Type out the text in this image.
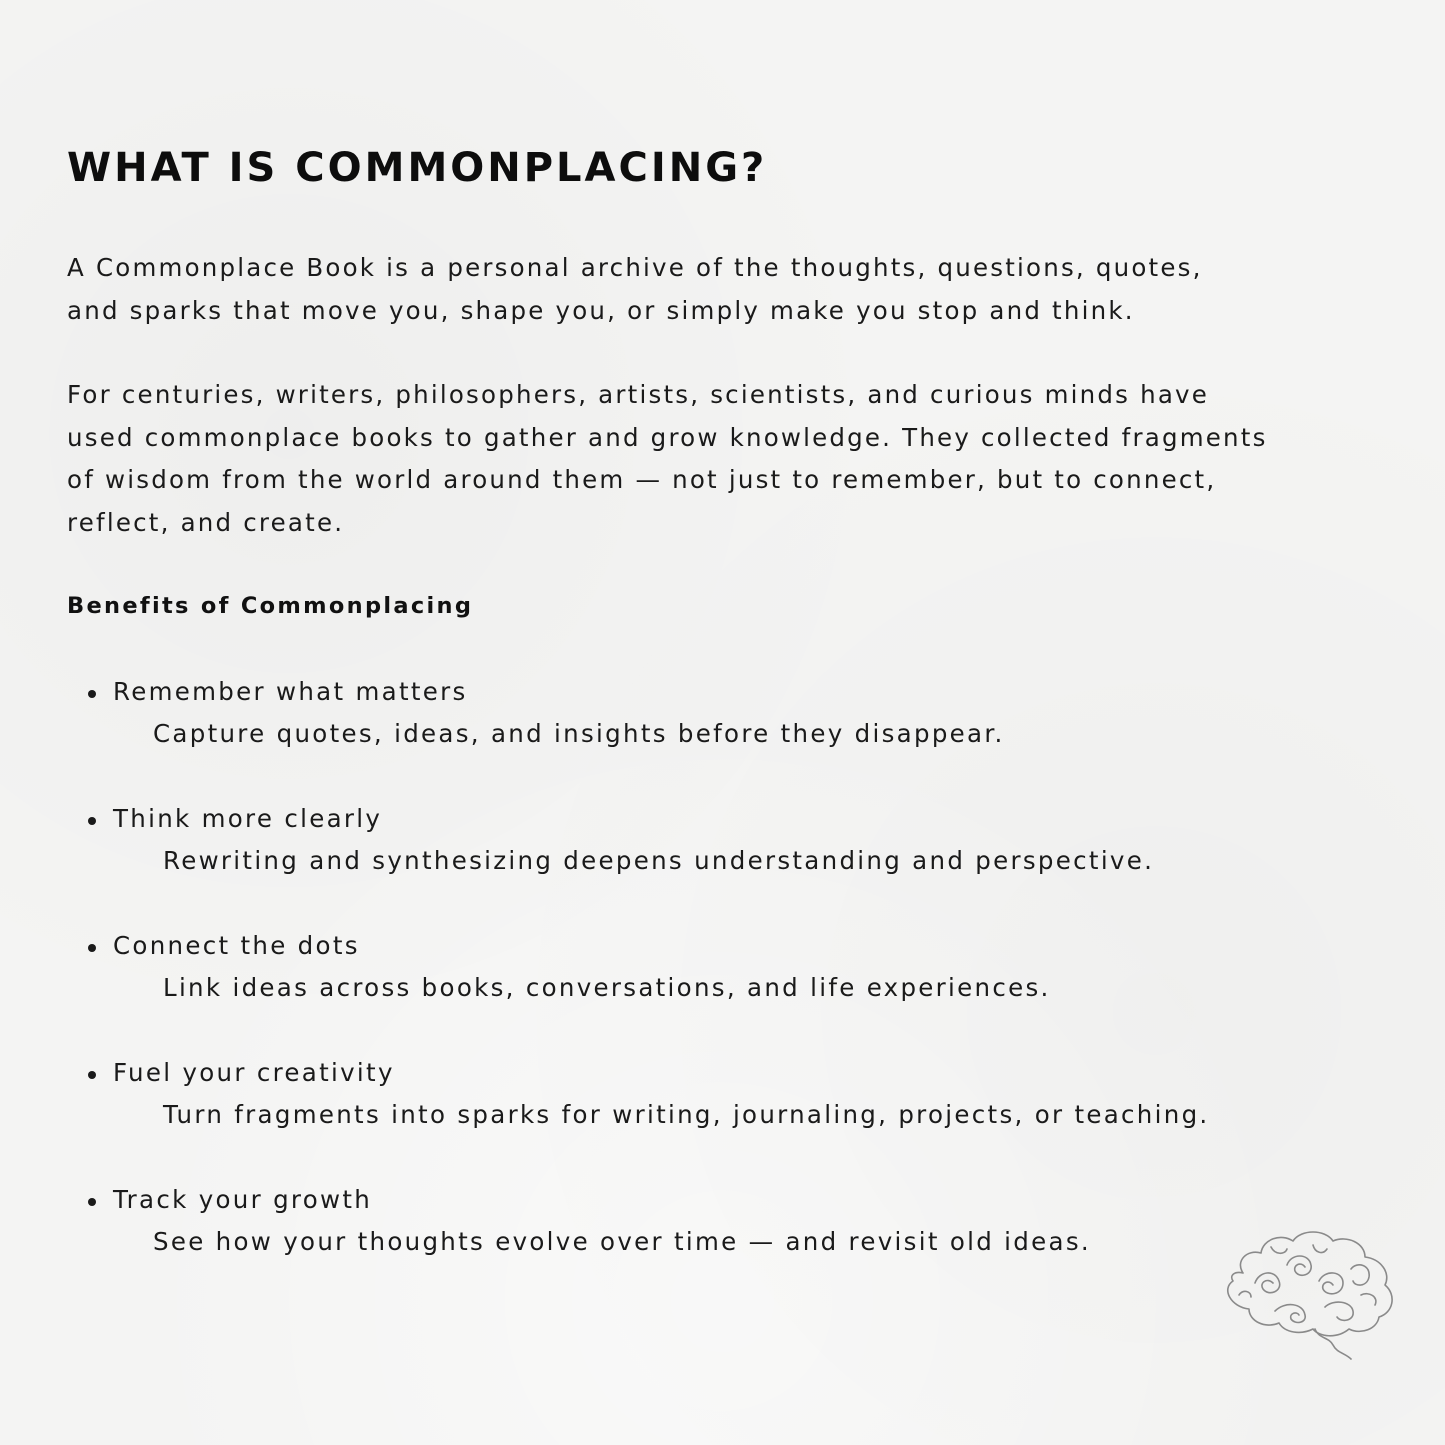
WHAT IS COMMONPLACING?

A Commonplace Book is a personal archive of the thoughts, questions, quotes,
and sparks that move you, shape you, or simply make you stop and think.

For centuries, writers, philosophers, artists, scientists, and curious minds have
used commonplace books to gather and grow knowledge. They collected fragments
of wisdom from the world around them — not just to remember, but to connect,
reflect, and create.

Benefits of Commonplacing
Remember what matters
Capture quotes, ideas, and insights before they disappear.
Think more clearly
Rewriting and synthesizing deepens understanding and perspective.
Connect the dots
Link ideas across books, conversations, and life experiences.
Fuel your creativity
Turn fragments into sparks for writing, journaling, projects, or teaching.
Track your growth
See how your thoughts evolve over time — and revisit old ideas.
